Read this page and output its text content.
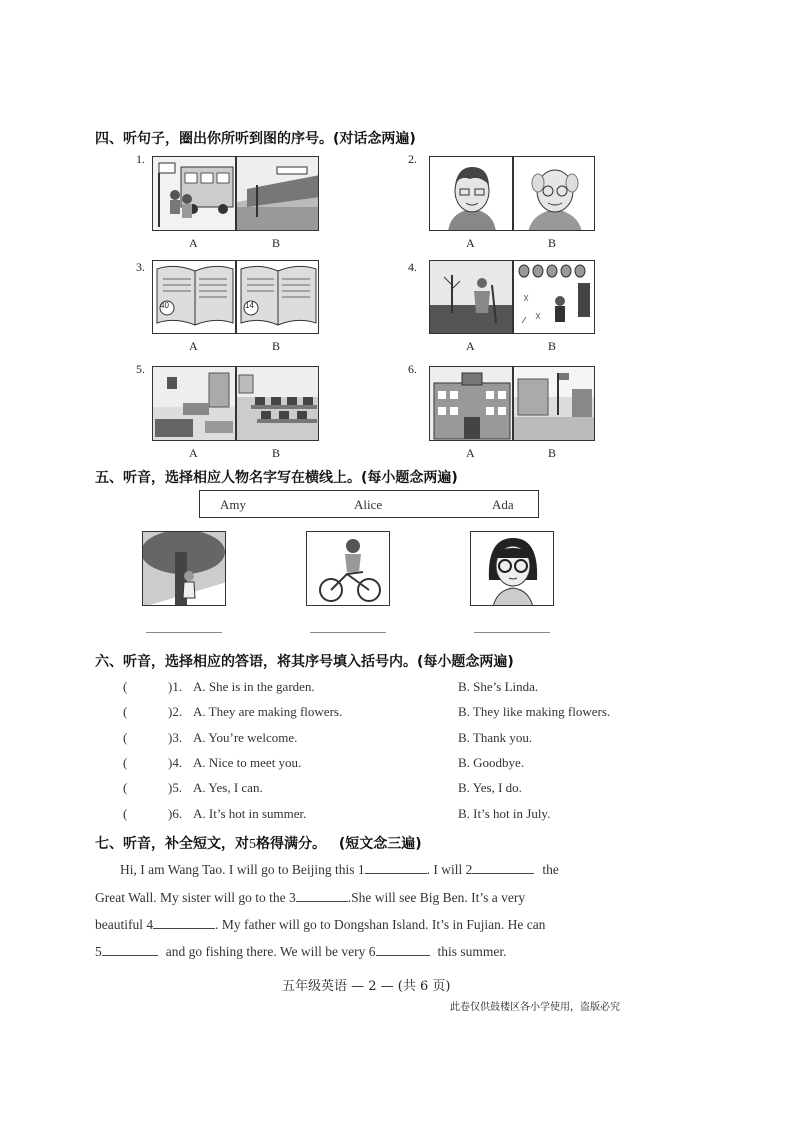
四、听句子，圈出你所听到图的序号。(对话念两遍)
1.
A	B
2.
A	B
3.
40	14
A	B
4.
A	B
5.
A	B
6.
A	B
五、听音，选择相应人物名字写在横线上。(每小题念两遍)
Amy	Alice	Ada
六、听音，选择相应的答语，将其序号填入括号内。(每小题念两遍)
(	)1. A. She is in the garden.	B. She’s Linda.
(	)2. A. They are making flowers.	B. They like making flowers.
(	)3. A. You’re welcome.	B. Thank you.
(	)4. A. Nice to meet you.	B. Goodbye.
(	)5. A. Yes, I can.	B. Yes, I do.
(	)6. A. It’s hot in summer.	B. It’s hot in July.
七、听音，补全短文，对5格得满分。 (短文念三遍)
Hi, I am Wang Tao. I will go to Beijing this 1	. I will 2	the
Great Wall. My sister will go to the 3	.She will see Big Ben. It’s a very
beautiful 4	. My father will go to Dongshan Island. It’s in Fujian. He can
5	and go fishing there. We will be very 6	this summer.
五年级英语 — 2 — (共 6 页)
此卷仅供鼓楼区各小学使用，盗版必究
